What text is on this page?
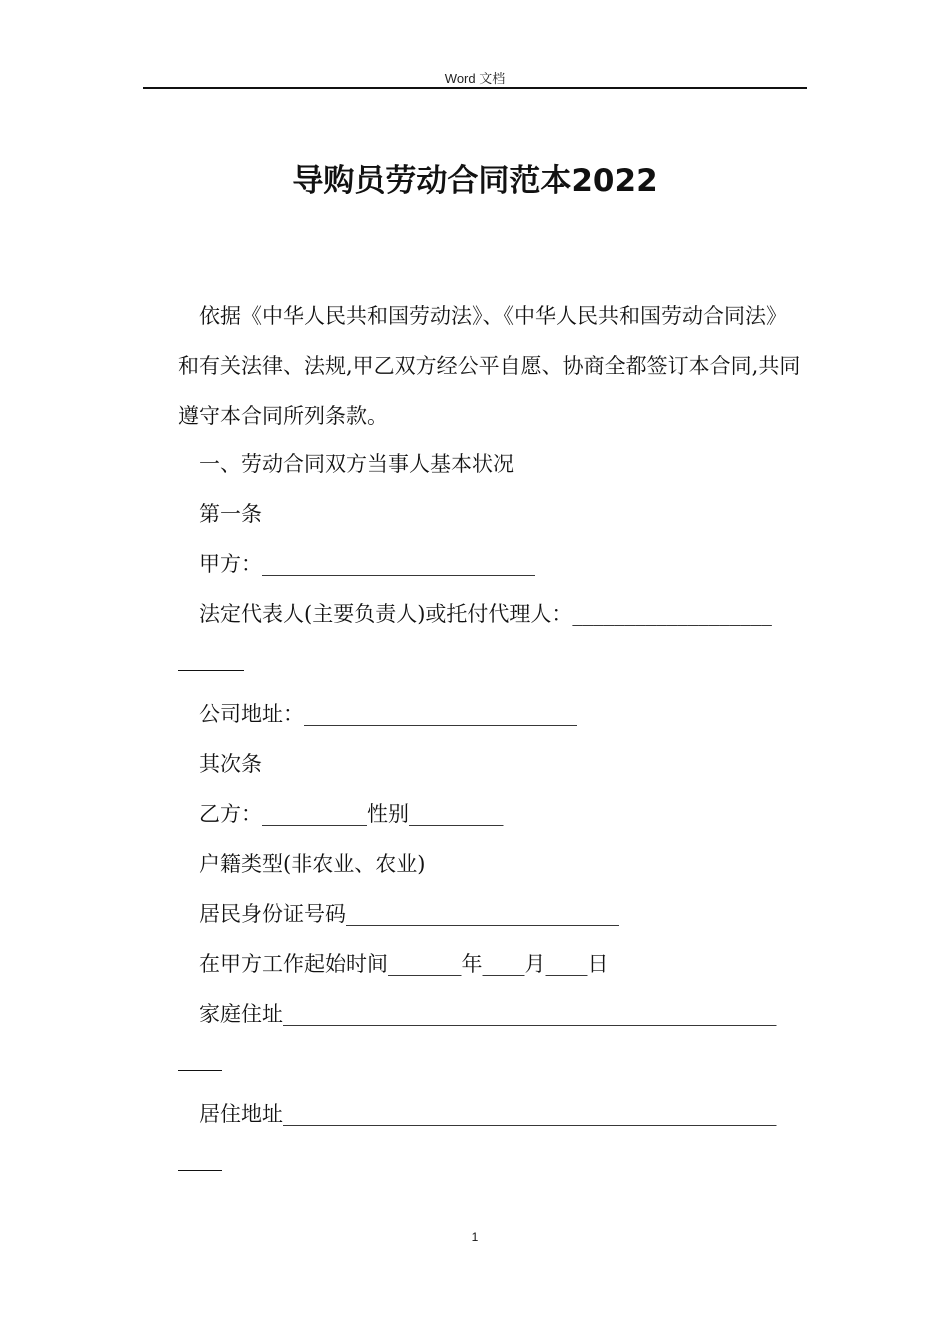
Word 文档
导购员劳动合同范本2022

依据《中华人民共和国劳动法》、《中华人民共和国劳动合同法》和有关法律、法规,甲乙双方经公平自愿、协商全都签订本合同,共同遵守本合同所列条款。

一、劳动合同双方当事人基本状况
第一条
甲方：__________________________
法定代表人(主要负责人)或托付代理人：___________________
公司地址：__________________________
其次条
乙方：__________性别_________
户籍类型(非农业、农业)
居民身份证号码__________________________
在甲方工作起始时间_______年____月____日
家庭住址_______________________________________________
居住地址_______________________________________________
1
